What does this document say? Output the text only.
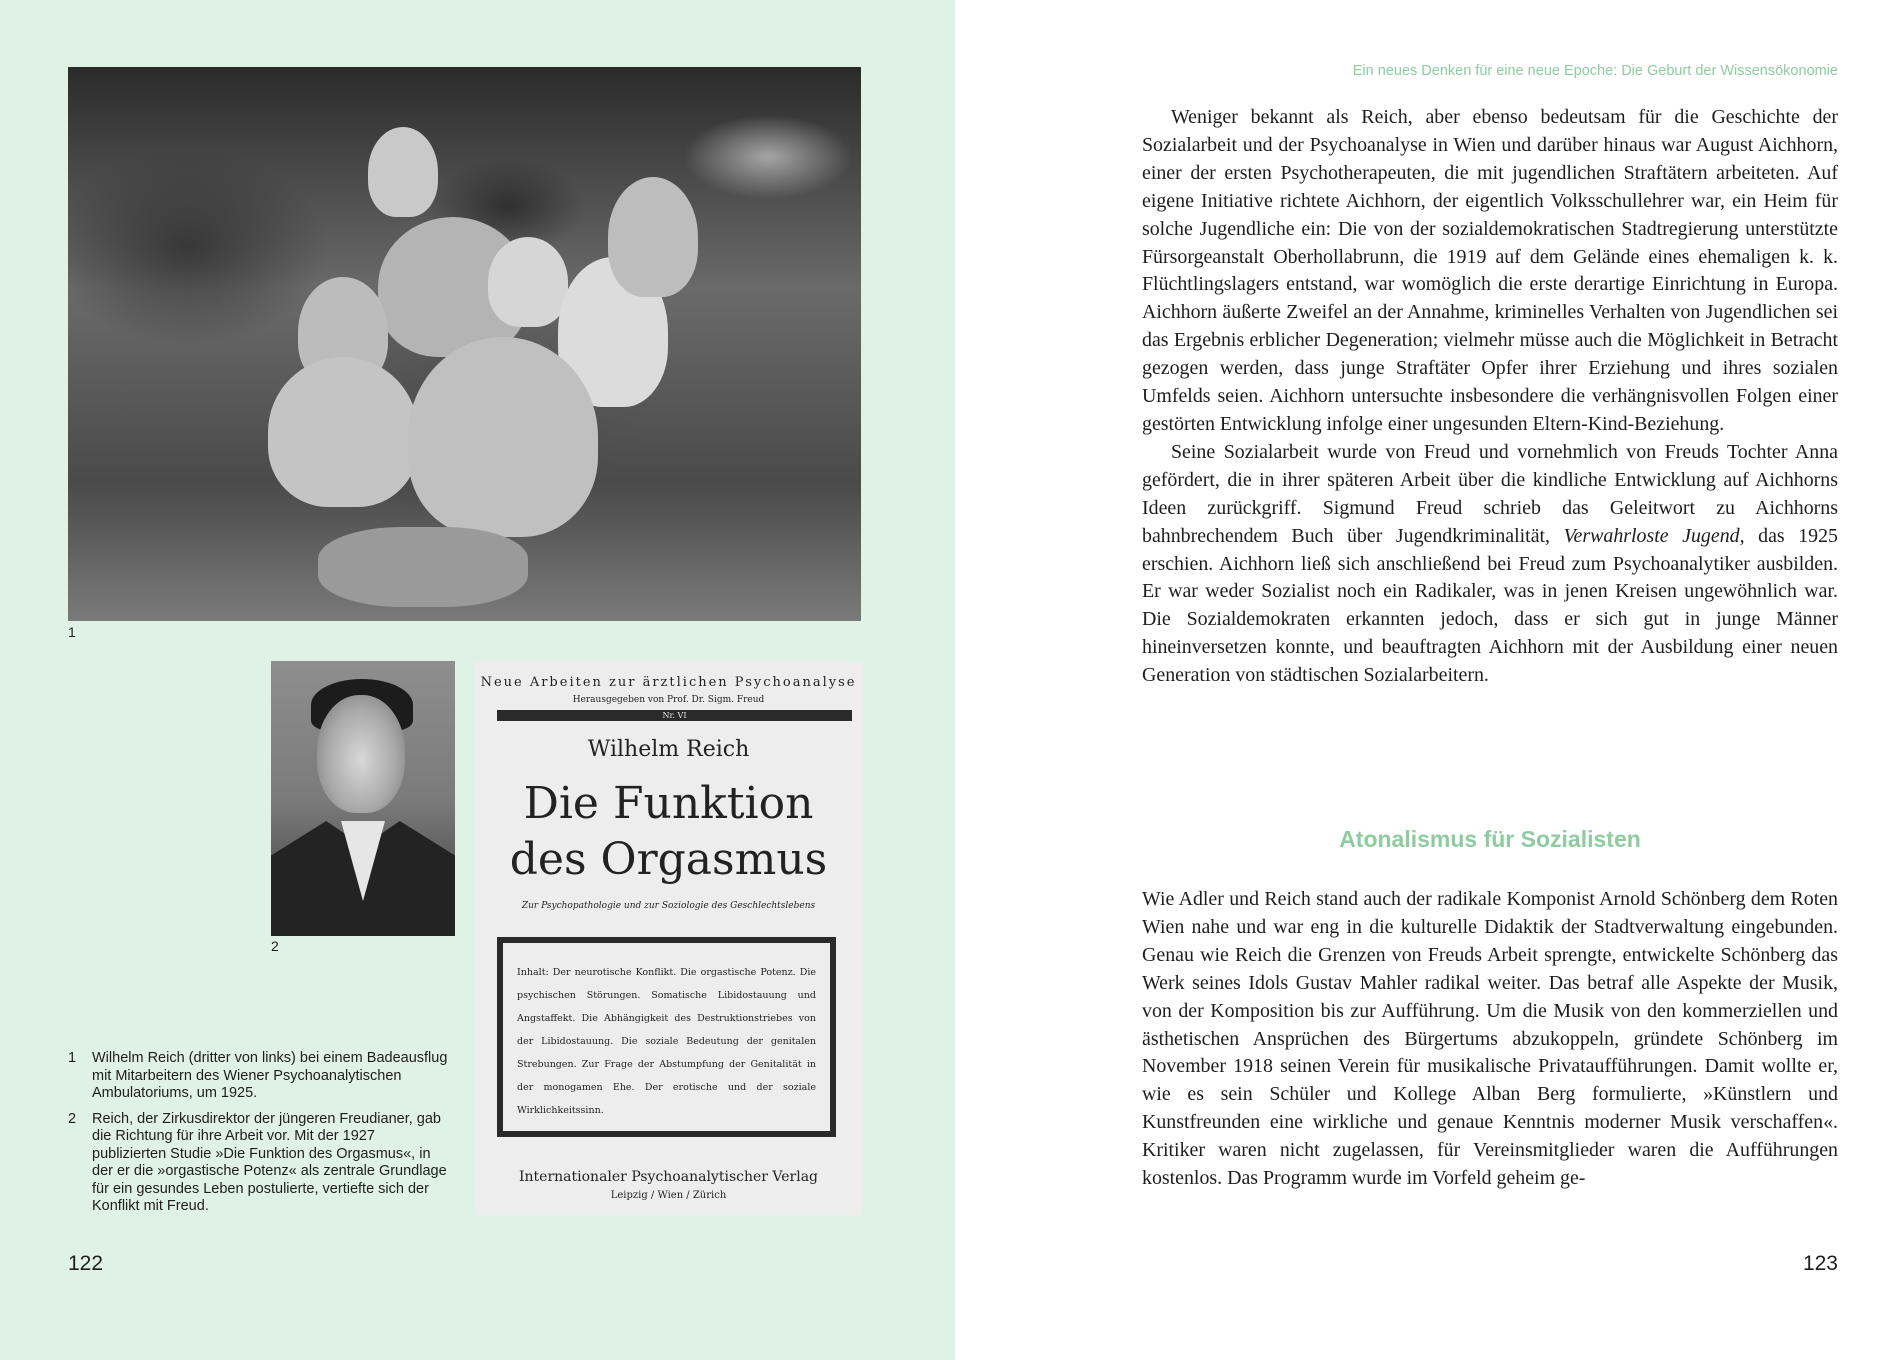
1
2
Neue Arbeiten zur ärztlichen Psychoanalyse
Herausgegeben von Prof. Dr. Sigm. Freud
Nr. VI
Wilhelm Reich
Die Funktion
des Orgasmus
Zur Psychopathologie und zur Soziologie des Geschlechtslebens
Inhalt: Der neurotische Konflikt. Die orgastische Potenz. Die psychischen Störungen. Somatische Libidostauung und Angstaffekt. Die Abhängigkeit des Destruktionstriebes von der Libidostauung. Die soziale Bedeutung der genitalen Strebungen. Zur Frage der Abstumpfung der Genitalität in der monogamen Ehe. Der erotische und der soziale Wirklichkeitssinn.
Internationaler Psychoanalytischer Verlag
Leipzig / Wien / Zürich
1 Wilhelm Reich (dritter von links) bei einem Badeausflug mit Mitarbeitern des Wiener Psychoanalytischen Ambulatoriums, um 1925.
2 Reich, der Zirkusdirektor der jüngeren Freudianer, gab die Richtung für ihre Arbeit vor. Mit der 1927 publizierten Studie »Die Funktion des Orgasmus«, in der er die »orgastische Potenz« als zentrale Grundlage für ein gesundes Leben postulierte, vertiefte sich der Konflikt mit Freud.
122
Ein neues Denken für eine neue Epoche: Die Geburt der Wissensökonomie

Weniger bekannt als Reich, aber ebenso bedeutsam für die Geschichte der Sozialarbeit und der Psychoanalyse in Wien und darüber hinaus war August Aichhorn, einer der ersten Psychotherapeuten, die mit jugendlichen Straftätern arbeiteten. Auf eigene Initiative richtete Aichhorn, der eigentlich Volksschullehrer war, ein Heim für solche Jugendliche ein: Die von der sozialdemokratischen Stadtregierung unterstützte Fürsorgeanstalt Oberhollabrunn, die 1919 auf dem Gelände eines ehemaligen k. k. Flüchtlingslagers entstand, war womöglich die erste derartige Einrichtung in Europa. Aichhorn äußerte Zweifel an der Annahme, kriminelles Verhalten von Jugendlichen sei das Ergebnis erblicher Degeneration; vielmehr müsse auch die Möglichkeit in Betracht gezogen werden, dass junge Straftäter Opfer ihrer Erziehung und ihres sozialen Umfelds seien. Aichhorn untersuchte insbesondere die verhängnisvollen Folgen einer gestörten Entwicklung infolge einer ungesunden Eltern-Kind-Beziehung.

Seine Sozialarbeit wurde von Freud und vornehmlich von Freuds Tochter Anna gefördert, die in ihrer späteren Arbeit über die kindliche Entwicklung auf Aichhorns Ideen zurückgriff. Sigmund Freud schrieb das Geleitwort zu Aichhorns bahnbrechendem Buch über Jugendkriminalität, Verwahrloste Jugend, das 1925 erschien. Aichhorn ließ sich anschließend bei Freud zum Psychoanalytiker ausbilden. Er war weder Sozialist noch ein Radikaler, was in jenen Kreisen ungewöhnlich war. Die Sozialdemokraten erkannten jedoch, dass er sich gut in junge Männer hineinversetzen konnte, und beauftragten Aichhorn mit der Ausbildung einer neuen Generation von städtischen Sozialarbeitern.

Atonalismus für Sozialisten

Wie Adler und Reich stand auch der radikale Komponist Arnold Schönberg dem Roten Wien nahe und war eng in die kulturelle Didaktik der Stadtverwaltung eingebunden. Genau wie Reich die Grenzen von Freuds Arbeit sprengte, entwickelte Schönberg das Werk seines Idols Gustav Mahler radikal weiter. Das betraf alle Aspekte der Musik, von der Komposition bis zur Aufführung. Um die Musik von den kommerziellen und ästhetischen Ansprüchen des Bürgertums abzukoppeln, gründete Schönberg im November 1918 seinen Verein für musikalische Privataufführungen. Damit wollte er, wie es sein Schüler und Kollege Alban Berg formulierte, »Künstlern und Kunstfreunden eine wirkliche und genaue Kenntnis moderner Musik verschaffen«. Kritiker waren nicht zugelassen, für Vereinsmitglieder waren die Aufführungen kostenlos. Das Programm wurde im Vorfeld geheim ge-

123
